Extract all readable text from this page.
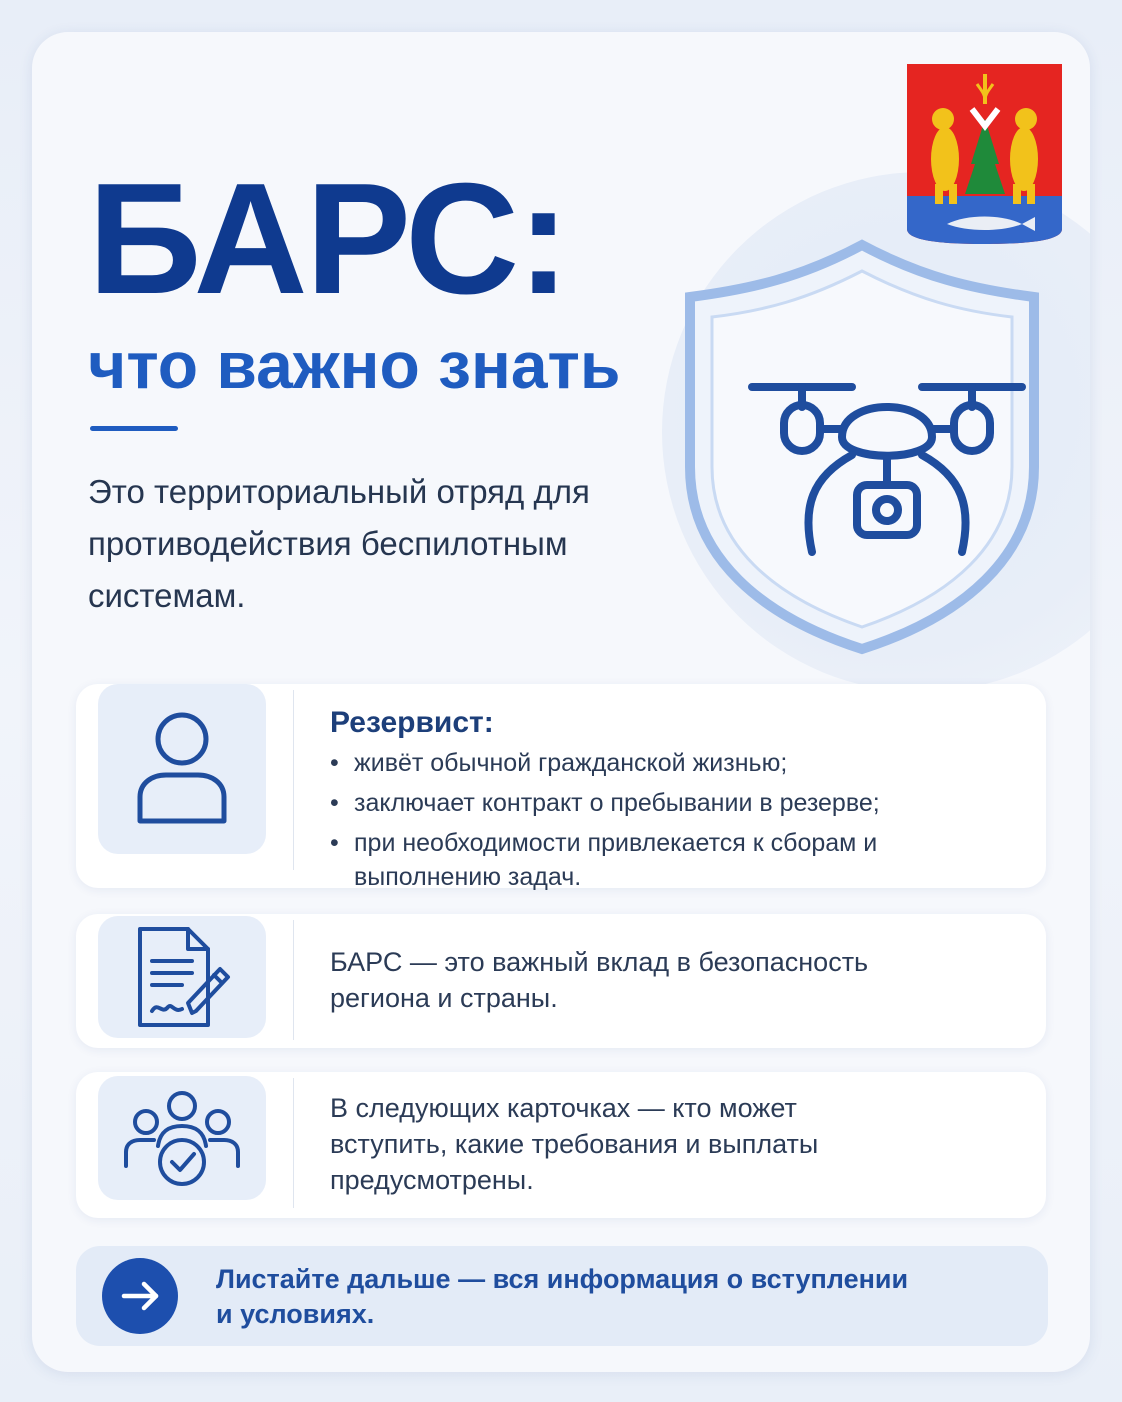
БАРС:
что важно знать

Это территориальный отряд для противодействия беспилотным системам.

Резервист:
• живёт обычной гражданской жизнью;
• заключает контракт о пребывании в резерве;
• при необходимости привлекается к сборам и выполнению задач.

БАРС — это важный вклад в безопасность региона и страны.

В следующих карточках — кто может вступить, какие требования и выплаты предусмотрены.

Листайте дальше — вся информация о вступлении и условиях.
